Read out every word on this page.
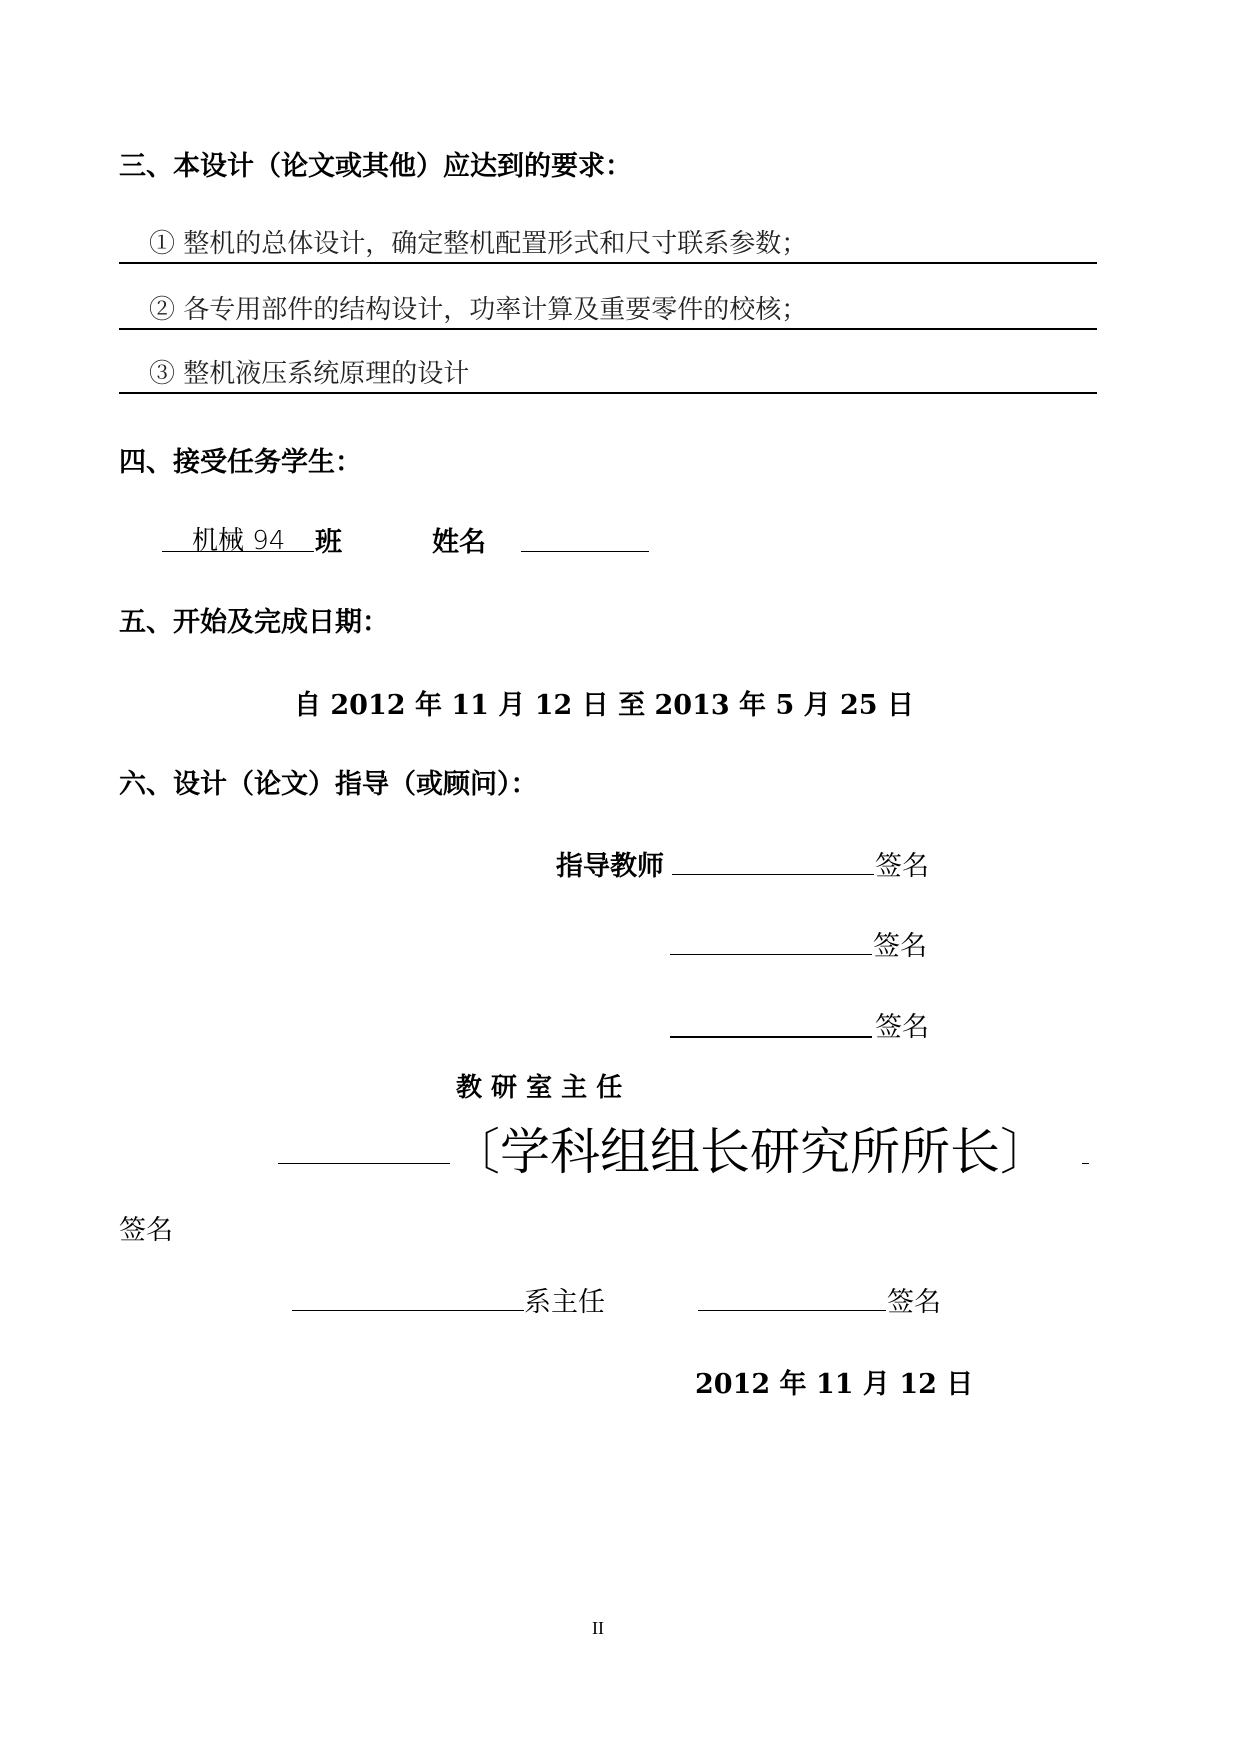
三、本设计（论文或其他）应达到的要求：
① 整机的总体设计，确定整机配置形式和尺寸联系参数；
② 各专用部件的结构设计，功率计算及重要零件的校核；
③ 整机液压系统原理的设计
四、接受任务学生：
机械 94 班	姓名
五、开始及完成日期：
自 2012 年 11 月 12 日 至 2013 年 5 月 25 日
六、设计（论文）指导（或顾问）：
指导教师	签名
签名
签名
教 研 室 主 任
〔学科组组长研究所所长〕
签名
系主任	签名
2012 年 11 月 12 日
II
